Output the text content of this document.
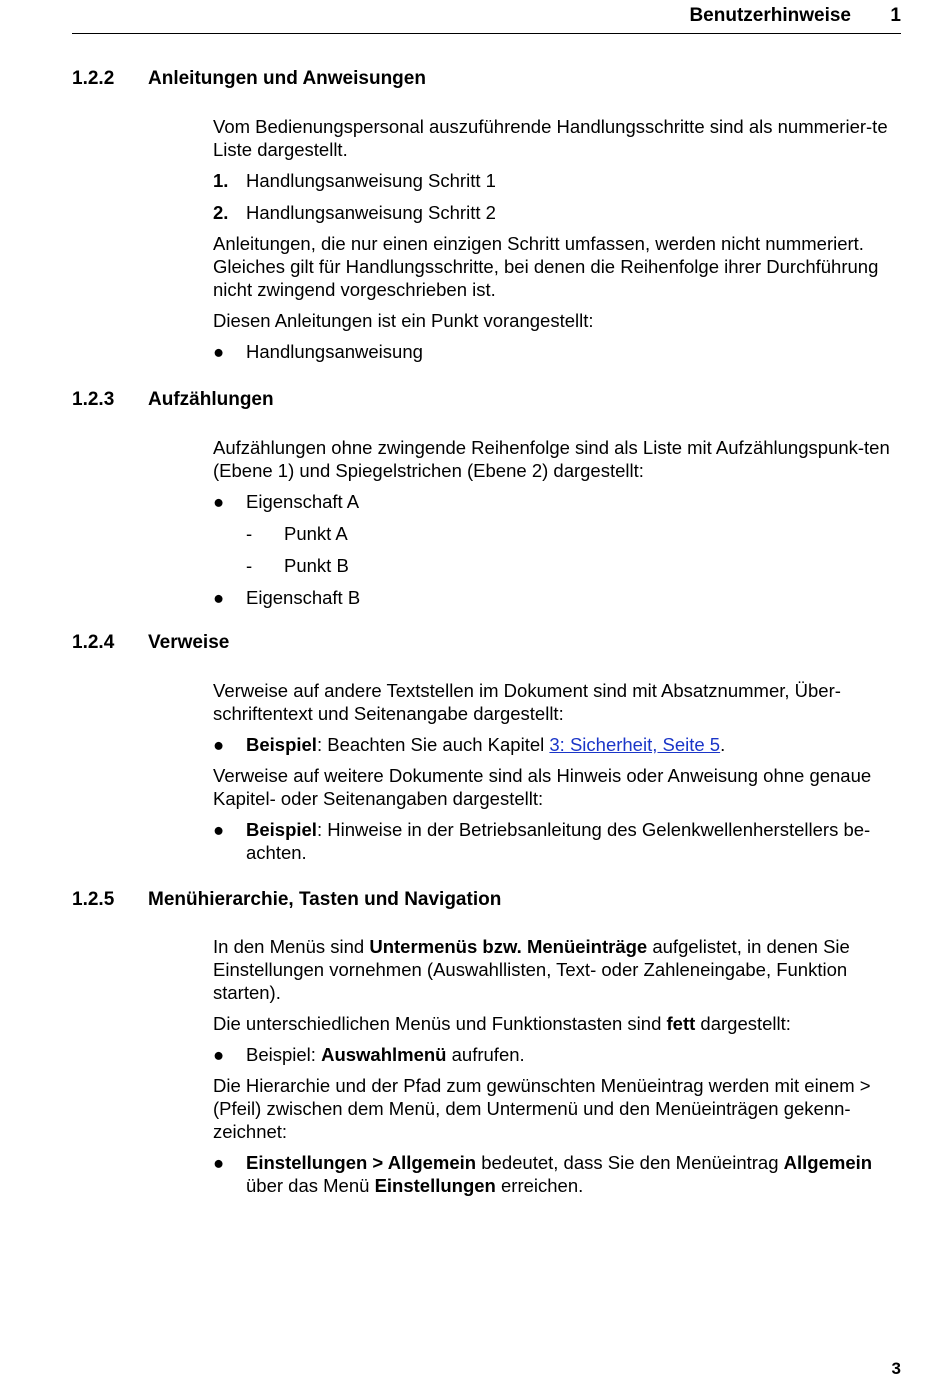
Benutzerhinweise 1
1.2.2 Anleitungen und Anweisungen

Vom Bedienungspersonal auszuführende Handlungsschritte sind als nummerier-te Liste dargestellt.

1. Handlungsanweisung Schritt 1
2. Handlungsanweisung Schritt 2

Anleitungen, die nur einen einzigen Schritt umfassen, werden nicht nummeriert. Gleiches gilt für Handlungsschritte, bei denen die Reihenfolge ihrer Durchführung nicht zwingend vorgeschrieben ist.

Diesen Anleitungen ist ein Punkt vorangestellt:

● Handlungsanweisung
1.2.3 Aufzählungen

Aufzählungen ohne zwingende Reihenfolge sind als Liste mit Aufzählungspunk-ten (Ebene 1) und Spiegelstrichen (Ebene 2) dargestellt:

● Eigenschaft A
- Punkt A
- Punkt B
● Eigenschaft B
1.2.4 Verweise

Verweise auf andere Textstellen im Dokument sind mit Absatznummer, Über-schriftentext und Seitenangabe dargestellt:

● Beispiel: Beachten Sie auch Kapitel 3: Sicherheit, Seite 5.

Verweise auf weitere Dokumente sind als Hinweis oder Anweisung ohne genaue Kapitel- oder Seitenangaben dargestellt:

● Beispiel: Hinweise in der Betriebsanleitung des Gelenkwellenherstellers be-achten.
1.2.5 Menühierarchie, Tasten und Navigation

In den Menüs sind Untermenüs bzw. Menüeinträge aufgelistet, in denen Sie Einstellungen vornehmen (Auswahllisten, Text- oder Zahleneingabe, Funktion starten).

Die unterschiedlichen Menüs und Funktionstasten sind fett dargestellt:

● Beispiel: Auswahlmenü aufrufen.

Die Hierarchie und der Pfad zum gewünschten Menüeintrag werden mit einem > (Pfeil) zwischen dem Menü, dem Untermenü und den Menüeinträgen gekenn-zeichnet:

● Einstellungen > Allgemein bedeutet, dass Sie den Menüeintrag Allgemein über das Menü Einstellungen erreichen.
3
